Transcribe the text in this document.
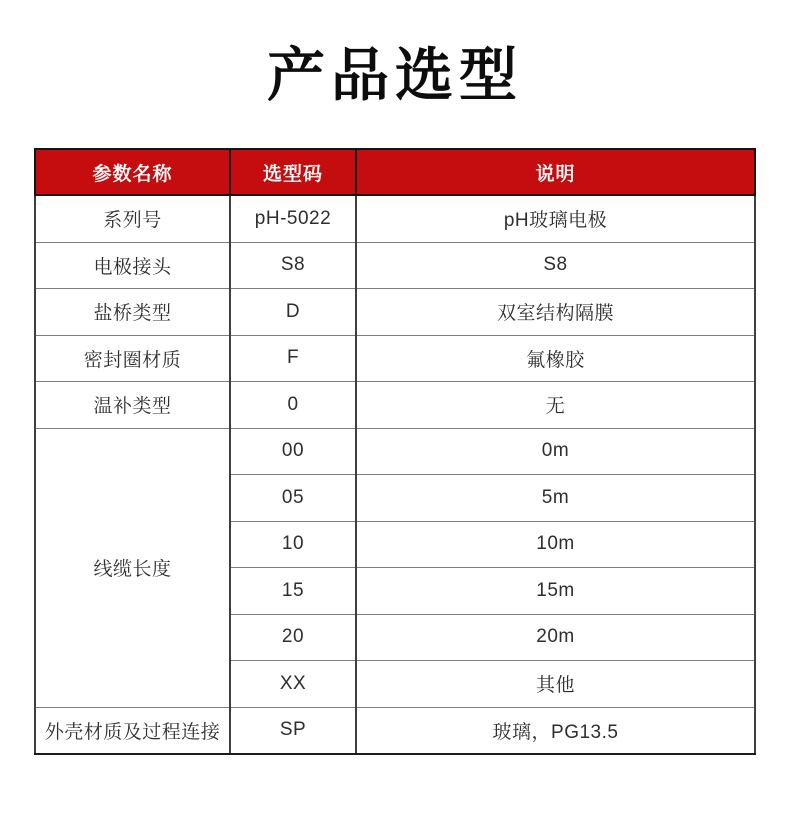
产品选型
参数名称	选型码	说明
系列号	pH-5022	pH玻璃电极
电极接头	S8	S8
盐桥类型	D	双室结构隔膜
密封圈材质	F	氟橡胶
温补类型	0	无
线缆长度	00	0m
	05	5m
	10	10m
	15	15m
	20	20m
	XX	其他
外壳材质及过程连接	SP	玻璃，PG13.5
